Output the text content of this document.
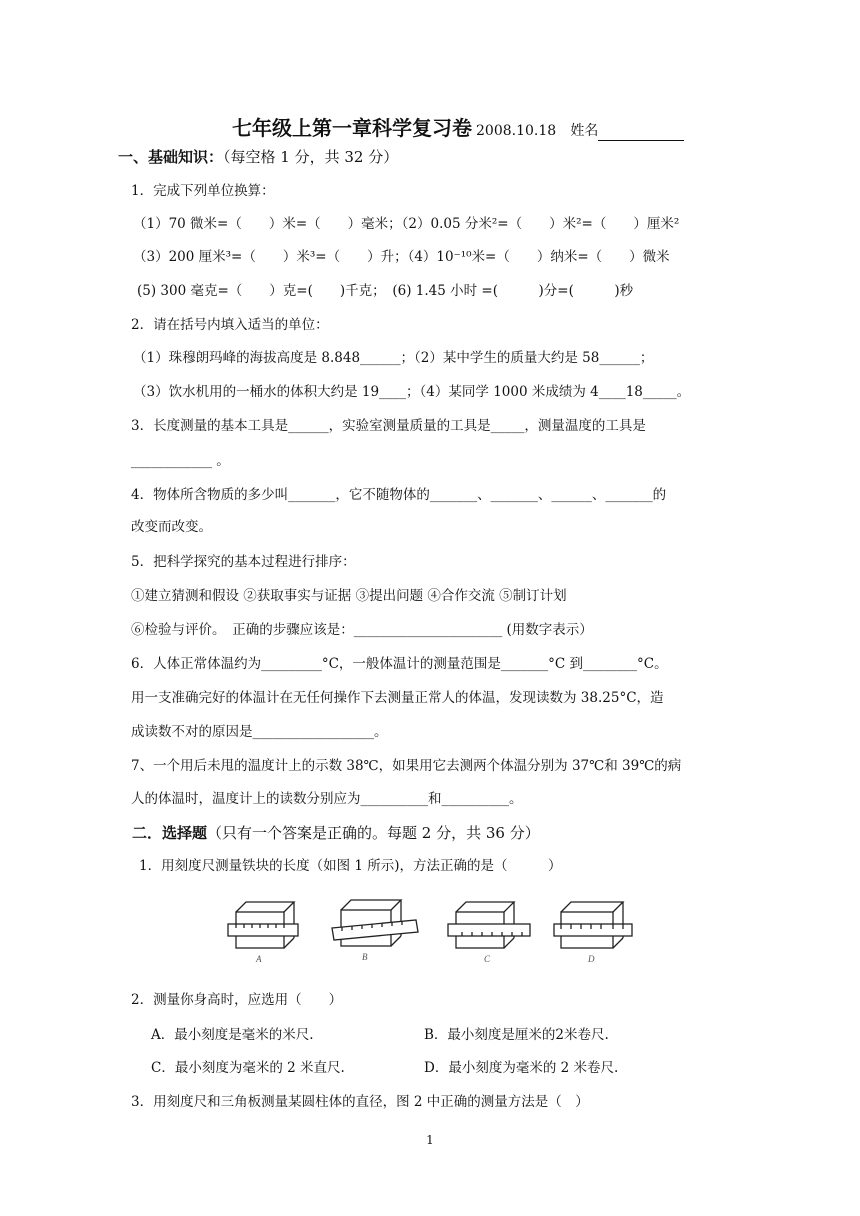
七年级上第一章科学复习卷 2008.10.18 姓名
一、基础知识：（每空格 1 分，共 32 分）
1．完成下列单位换算：
（1）70 微米=（　　）米=（　　）毫米；（2）0.05 分米²=（　　）米²=（　　）厘米²
（3）200 厘米³=（　　）米³=（　　）升；（4）10⁻¹⁰米=（　　）纳米=（　　）微米
(5) 300 毫克=（　　）克=(　　)千克；　(6) 1.45 小时 =(　　　)分=(　　　)秒
2．请在括号内填入适当的单位：
（1）珠穆朗玛峰的海拔高度是 8.848______；（2）某中学生的质量大约是 58______；
（3）饮水机用的一桶水的体积大约是 19____；（4）某同学 1000 米成绩为 4____18_____。
3．长度测量的基本工具是______，实验室测量质量的工具是_____，测量温度的工具是
____________ 。
4．物体所含物质的多少叫_______，它不随物体的_______、_______、______、_______的
改变而改变。
5．把科学探究的基本过程进行排序：
①建立猜测和假设 ②获取事实与证据 ③提出问题 ④合作交流 ⑤制订计划
⑥检验与评价。　正确的步骤应该是：______________________ (用数字表示）
6．人体正常体温约为_________°C，一般体温计的测量范围是_______°C 到________°C。
用一支准确完好的体温计在无任何操作下去测量正常人的体温，发现读数为 38.25°C，造
成读数不对的原因是__________________。
7、一个用后未甩的温度计上的示数 38℃，如果用它去测两个体温分别为 37℃和 39℃的病
人的体温时，温度计上的读数分别应为__________和__________。
二．选择题（只有一个答案是正确的。每题 2 分，共 36 分）
1．用刻度尺测量铁块的长度（如图 1 所示)，方法正确的是（　　　）
A	B	C	D
2．测量你身高时，应选用（　　）
A．最小刻度是毫米的米尺.	B．最小刻度是厘米的2米卷尺.
C．最小刻度为毫米的 2 米直尺.	D．最小刻度为毫米的 2 米卷尺.
3．用刻度尺和三角板测量某圆柱体的直径，图 2 中正确的测量方法是（　）
1
